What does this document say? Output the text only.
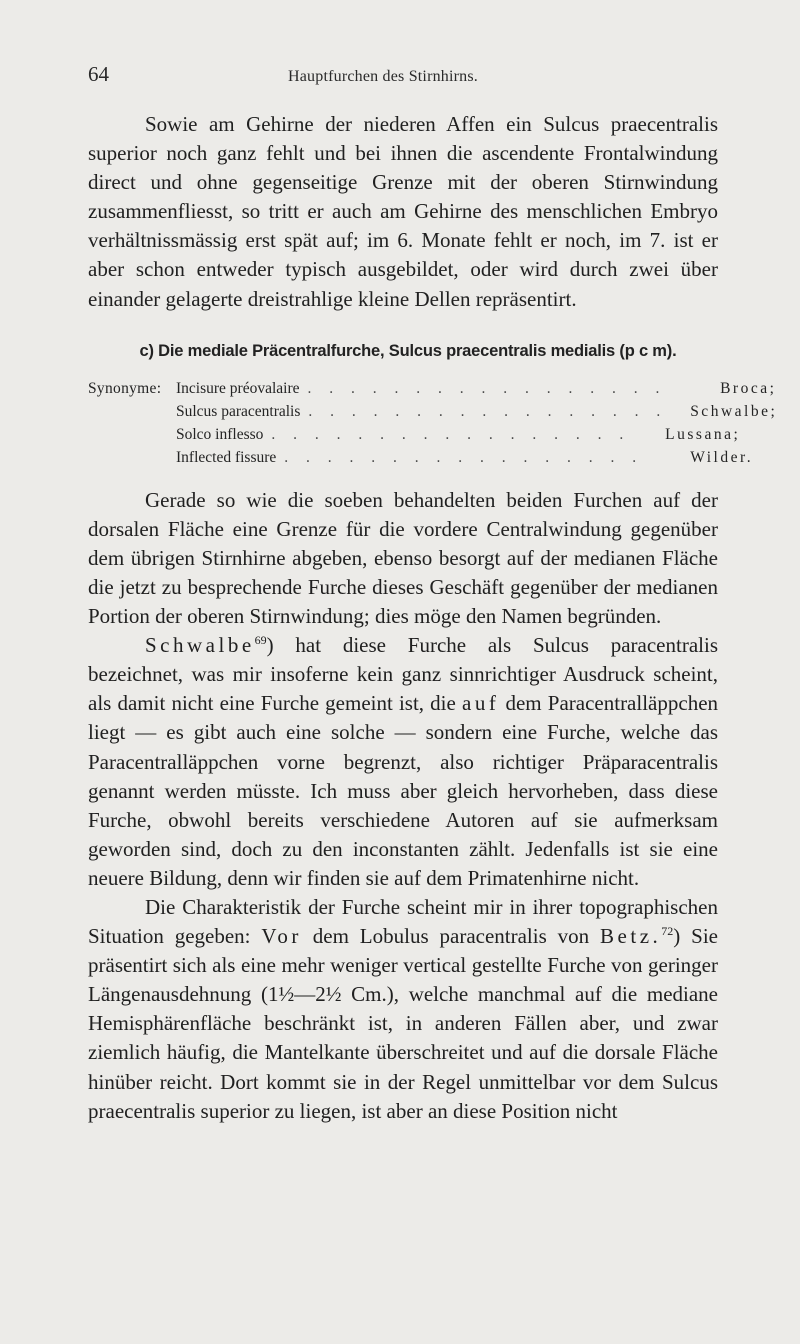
64	Hauptfurchen des Stirnhirns.

Sowie am Gehirne der niederen Affen ein Sulcus praecentralis superior noch ganz fehlt und bei ihnen die ascendente Frontalwindung direct und ohne gegenseitige Grenze mit der oberen Stirnwindung zusammenfliesst, so tritt er auch am Gehirne des menschlichen Embryo verhältnissmässig erst spät auf; im 6. Monate fehlt er noch, im 7. ist er aber schon entweder typisch ausgebildet, oder wird durch zwei über einander gelagerte dreistrahlige kleine Dellen repräsentirt.

c) Die mediale Präcentralfurche, Sulcus praecentralis medialis (p c m).
Synonyme: Incisure préovalaire . . . . . . . . . . . . . . . . .	Broca;
Sulcus paracentralis . . . . . . . . . . . . . . . . .	Schwalbe;
Solco inflesso . . . . . . . . . . . . . . . . .	Lussana;
Inflected fissure . . . . . . . . . . . . . . . . .	Wilder.

Gerade so wie die soeben behandelten beiden Furchen auf der dorsalen Fläche eine Grenze für die vordere Centralwindung gegenüber dem übrigen Stirnhirne abgeben, ebenso besorgt auf der medianen Fläche die jetzt zu besprechende Furche dieses Geschäft gegenüber der medianen Portion der oberen Stirnwindung; dies möge den Namen begründen.

Schwalbe$^{69}$) hat diese Furche als Sulcus paracentralis bezeichnet, was mir insoferne kein ganz sinnrichtiger Ausdruck scheint, als damit nicht eine Furche gemeint ist, die auf dem Paracentralläppchen liegt — es gibt auch eine solche — sondern eine Furche, welche das Paracentralläppchen vorne begrenzt, also richtiger Präparacentralis genannt werden müsste. Ich muss aber gleich hervorheben, dass diese Furche, obwohl bereits verschiedene Autoren auf sie aufmerksam geworden sind, doch zu den inconstanten zählt. Jedenfalls ist sie eine neuere Bildung, denn wir finden sie auf dem Primatenhirne nicht.

Die Charakteristik der Furche scheint mir in ihrer topographischen Situation gegeben: Vor dem Lobulus paracentralis von Betz.$^{72}$) Sie präsentirt sich als eine mehr weniger vertical gestellte Furche von geringer Längenausdehnung (1½—2½ Cm.), welche manchmal auf die mediane Hemisphärenfläche beschränkt ist, in anderen Fällen aber, und zwar ziemlich häufig, die Mantelkante überschreitet und auf die dorsale Fläche hinüber reicht. Dort kommt sie in der Regel unmittelbar vor dem Sulcus praecentralis superior zu liegen, ist aber an diese Position nicht
